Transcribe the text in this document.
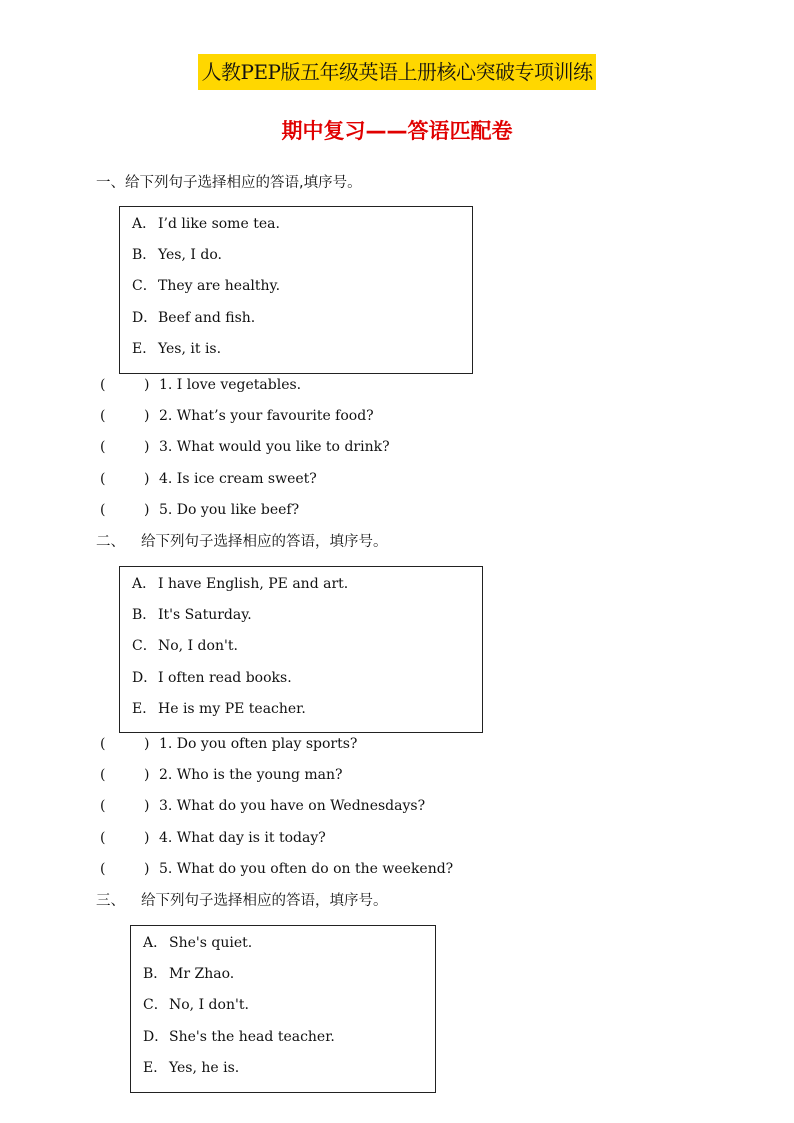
人教PEP版五年级英语上册核心突破专项训练
期中复习——答语匹配卷
一、给下列句子选择相应的答语,填序号。
A． I’d like some tea.
B． Yes, I do.
C．They are healthy.
D．Beef and fish.
E． Yes, it is.
(	) 1. I love vegetables.
(	) 2. What’s your favourite food?
(	) 3. What would you like to drink?
(	) 4. Is ice cream sweet?
(	) 5. Do you like beef?
二、 给下列句子选择相应的答语，填序号。
A． I have English, PE and art.
B． It's Saturday.
C．No, I don't.
D．I often read books.
E． He is my PE teacher.
(	) 1. Do you often play sports?
(	) 2. Who is the young man?
(	) 3. What do you have on Wednesdays?
(	) 4. What day is it today?
(	) 5. What do you often do on the weekend?
三、 给下列句子选择相应的答语，填序号。
A． She's quiet.
B． Mr Zhao.
C．No, I don't.
D．She's the head teacher.
E． Yes, he is.
